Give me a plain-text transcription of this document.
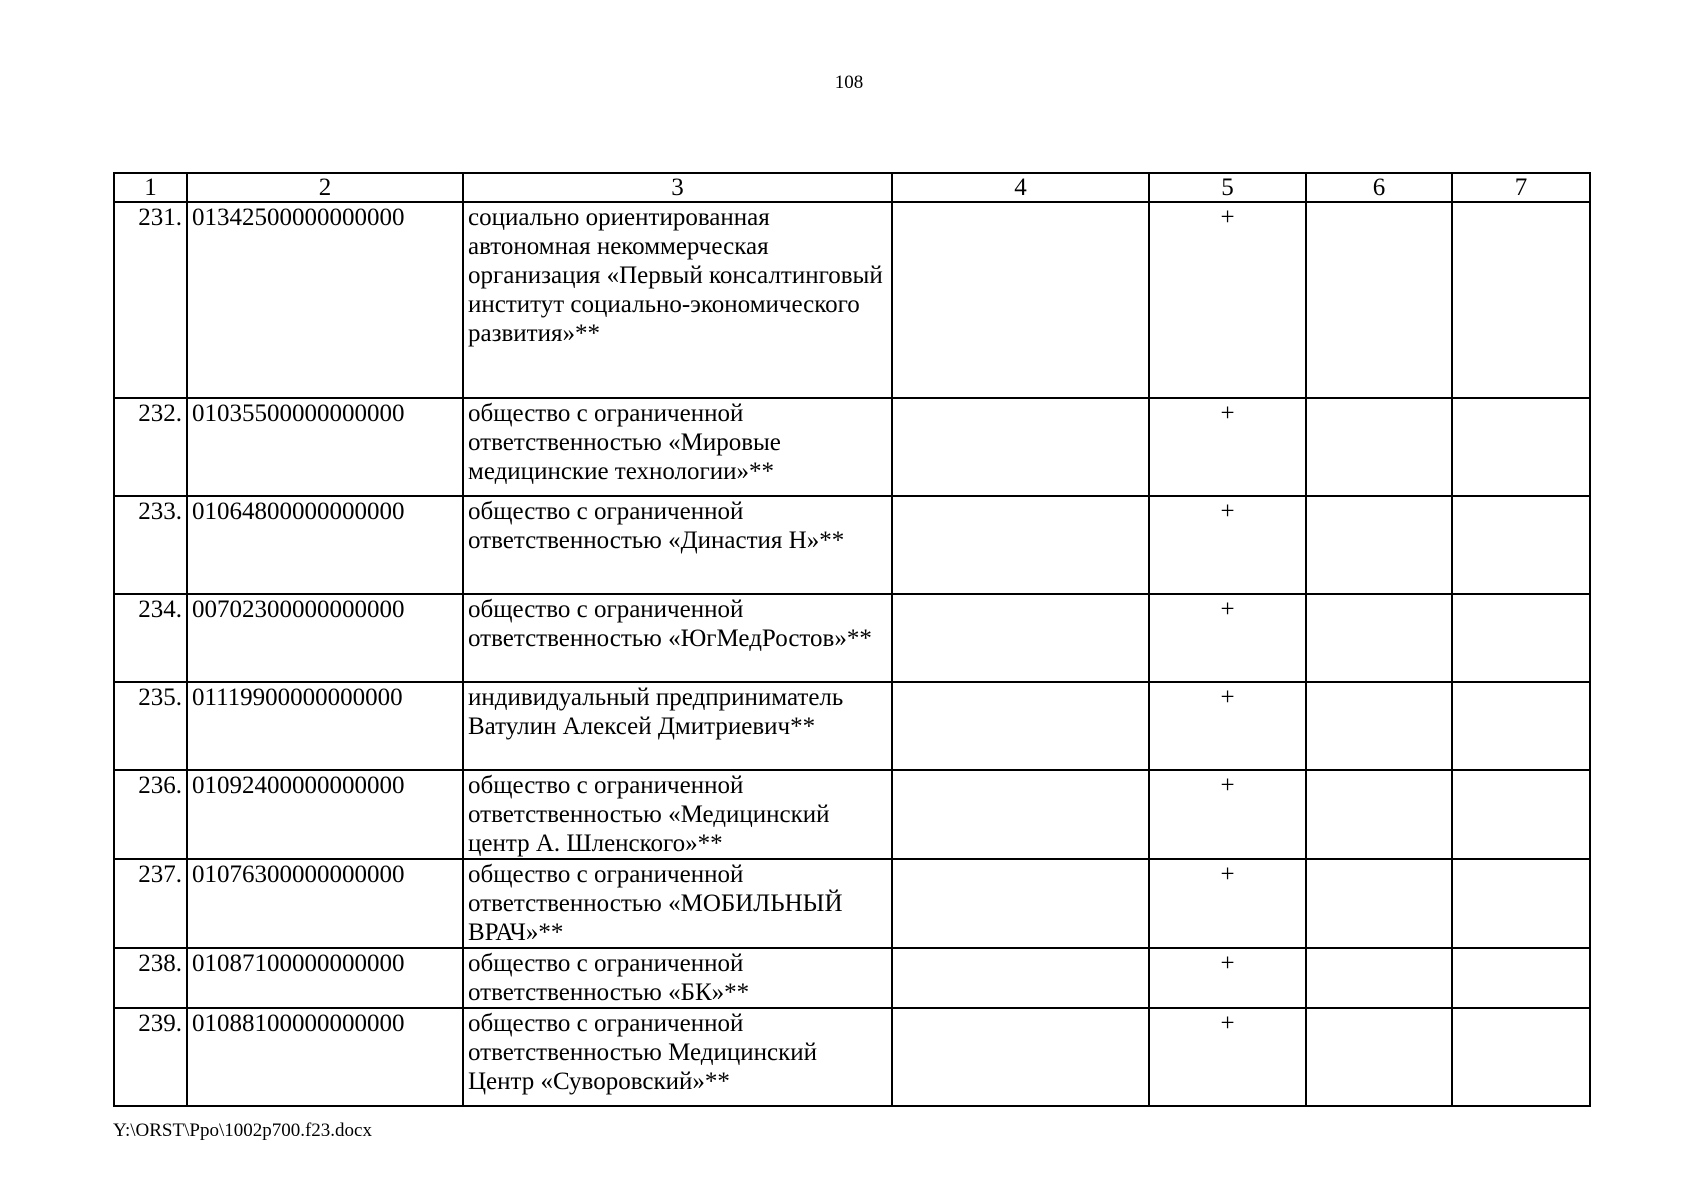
108
1	2	3	4	5	6	7
231.	01342500000000000	социально ориентированная автономная некоммерческая организация «Первый консалтинговый институт социально-экономического развития»**		+		
232.	01035500000000000	общество с ограниченной ответственностью «Мировые медицинские технологии»**		+		
233.	01064800000000000	общество с ограниченной ответственностью «Династия Н»**		+		
234.	00702300000000000	общество с ограниченной ответственностью «ЮгМедРостов»**		+		
235.	01119900000000000	индивидуальный предприниматель Ватулин Алексей Дмитриевич**		+		
236.	01092400000000000	общество с ограниченной ответственностью «Медицинский центр А. Шленского»**		+		
237.	01076300000000000	общество с ограниченной ответственностью «МОБИЛЬНЫЙ ВРАЧ»**		+		
238.	01087100000000000	общество с ограниченной ответственностью «БК»**		+		
239.	01088100000000000	общество с ограниченной ответственностью Медицинский Центр «Суворовский»**		+		
Y:\ORST\Ppo\1002p700.f23.docx
